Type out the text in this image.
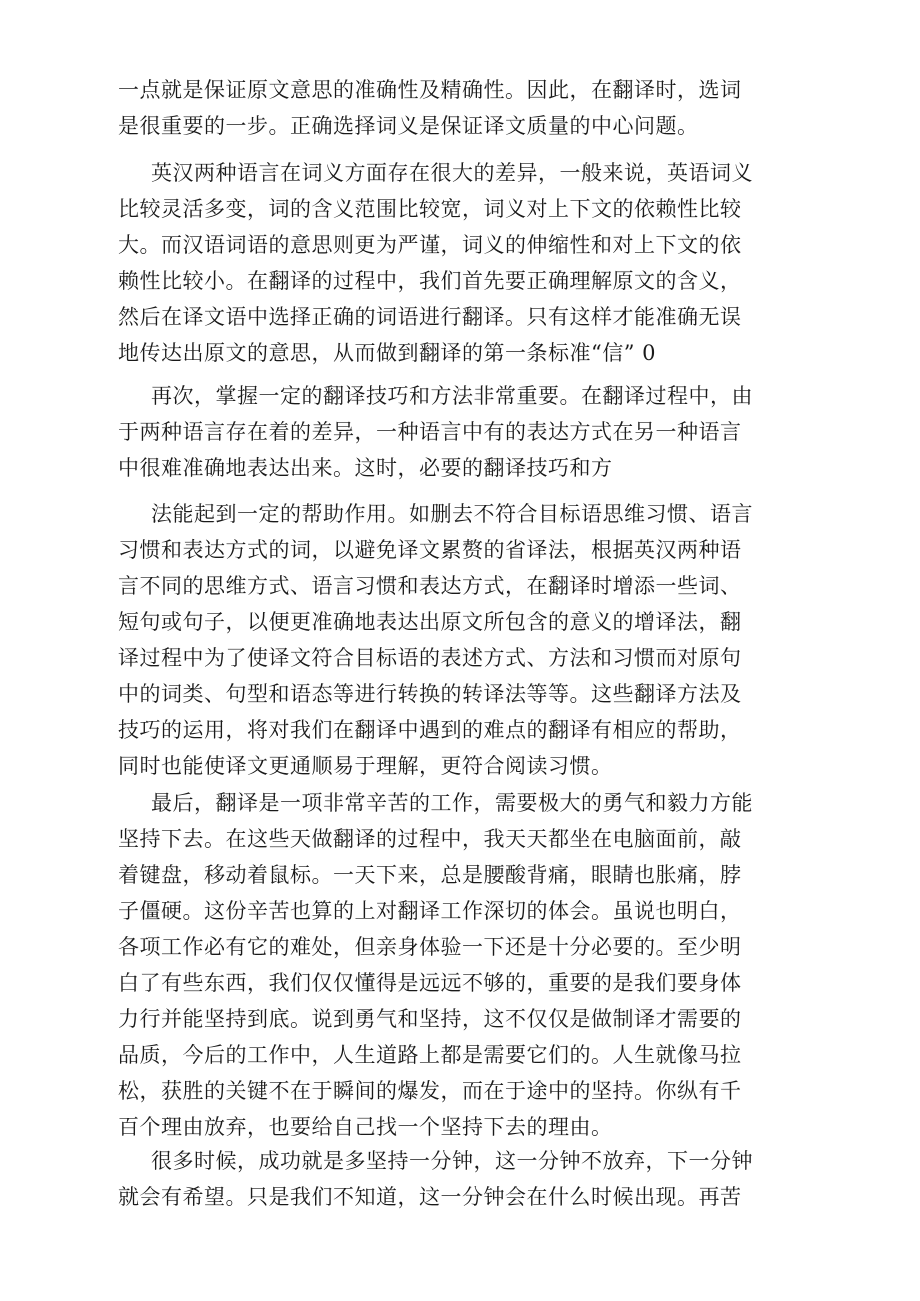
一点就是保证原文意思的准确性及精确性。因此，在翻译时，选词
是很重要的一步。正确选择词义是保证译文质量的中心问题。
英汉两种语言在词义方面存在很大的差异，一般来说，英语词义
比较灵活多变，词的含义范围比较宽，词义对上下文的依赖性比较
大。而汉语词语的意思则更为严谨，词义的伸缩性和对上下文的依
赖性比较小。在翻译的过程中，我们首先要正确理解原文的含义，
然后在译文语中选择正确的词语进行翻译。只有这样才能准确无误
地传达出原文的意思，从而做到翻译的第一条标准“信” 0
再次，掌握一定的翻译技巧和方法非常重要。在翻译过程中，由
于两种语言存在着的差异，一种语言中有的表达方式在另一种语言
中很难准确地表达出来。这时，必要的翻译技巧和方
法能起到一定的帮助作用。如删去不符合目标语思维习惯、语言
习惯和表达方式的词，以避免译文累赘的省译法，根据英汉两种语
言不同的思维方式、语言习惯和表达方式，在翻译时增添一些词、
短句或句子，以便更准确地表达出原文所包含的意义的增译法，翻
译过程中为了使译文符合目标语的表述方式、方法和习惯而对原句
中的词类、句型和语态等进行转换的转译法等等。这些翻译方法及
技巧的运用，将对我们在翻译中遇到的难点的翻译有相应的帮助，
同时也能使译文更通顺易于理解，更符合阅读习惯。
最后，翻译是一项非常辛苦的工作，需要极大的勇气和毅力方能
坚持下去。在这些天做翻译的过程中，我天天都坐在电脑面前，敲
着键盘，移动着鼠标。一天下来，总是腰酸背痛，眼睛也胀痛，脖
子僵硬。这份辛苦也算的上对翻译工作深切的体会。虽说也明白，
各项工作必有它的难处，但亲身体验一下还是十分必要的。至少明
白了有些东西，我们仅仅懂得是远远不够的，重要的是我们要身体
力行并能坚持到底。说到勇气和坚持，这不仅仅是做制译才需要的
品质，今后的工作中，人生道路上都是需要它们的。人生就像马拉
松，获胜的关键不在于瞬间的爆发，而在于途中的坚持。你纵有千
百个理由放弃，也要给自己找一个坚持下去的理由。
很多时候，成功就是多坚持一分钟，这一分钟不放弃，下一分钟
就会有希望。只是我们不知道，这一分钟会在什么时候出现。再苦
